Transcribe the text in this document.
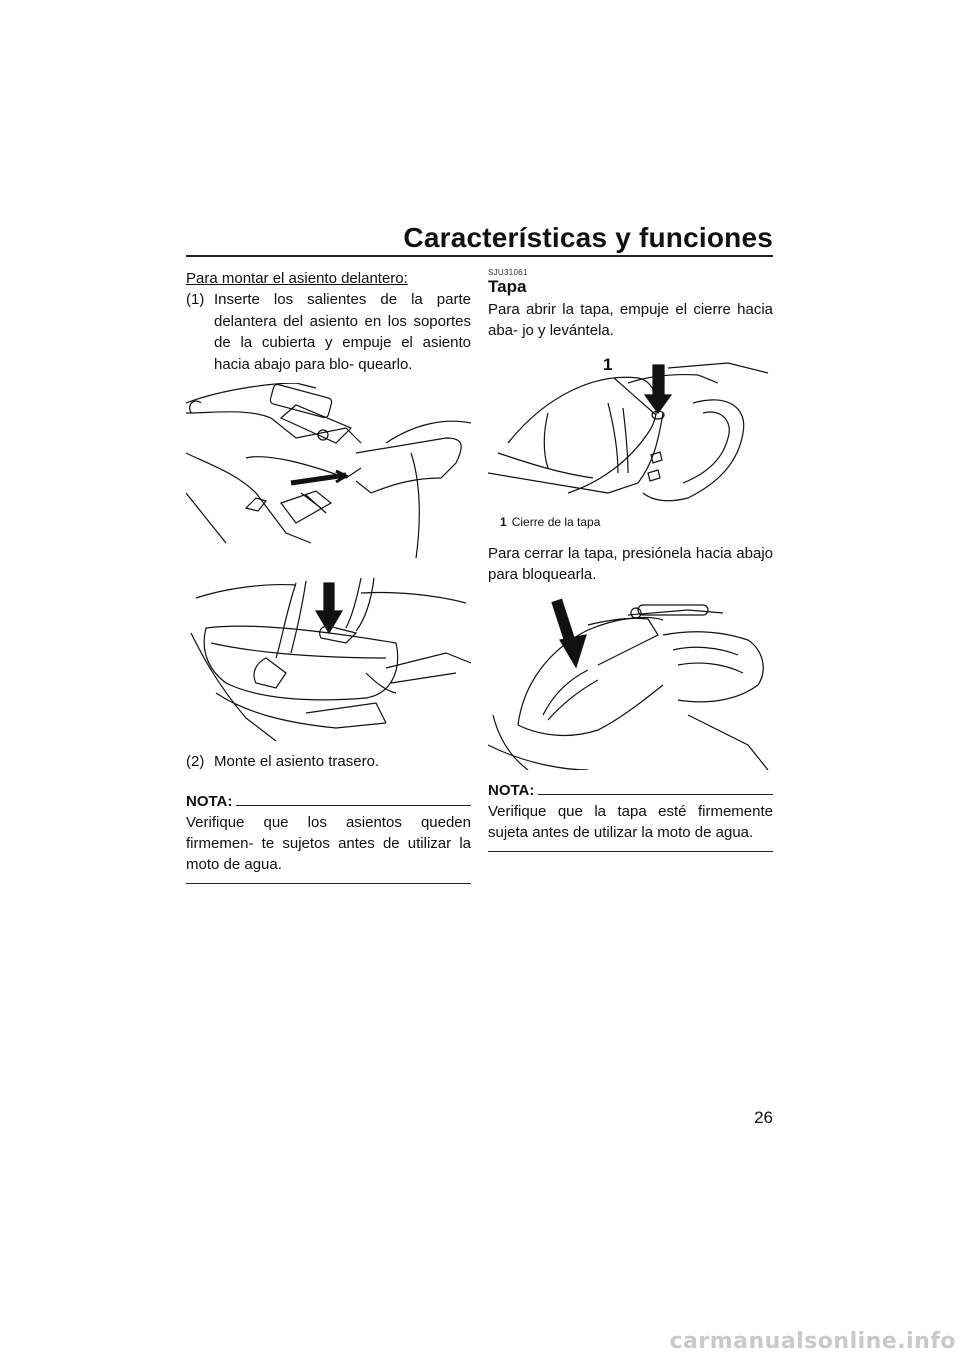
Características y funciones

Para montar el asiento delantero:

(1) Inserte los salientes de la parte delantera del asiento en los soportes de la cubierta y empuje el asiento hacia abajo para blo- quearlo.
(2) Monte el asiento trasero.
NOTA:

Verifique que los asientos queden firmemen- te sujetos antes de utilizar la moto de agua.

SJU31061

Tapa

Para abrir la tapa, empuje el cierre hacia aba- jo y levántela.

1

1 Cierre de la tapa

Para cerrar la tapa, presiónela hacia abajo para bloquearla.

NOTA:

Verifique que la tapa esté firmemente sujeta antes de utilizar la moto de agua.

26
carmanualsonline.info
